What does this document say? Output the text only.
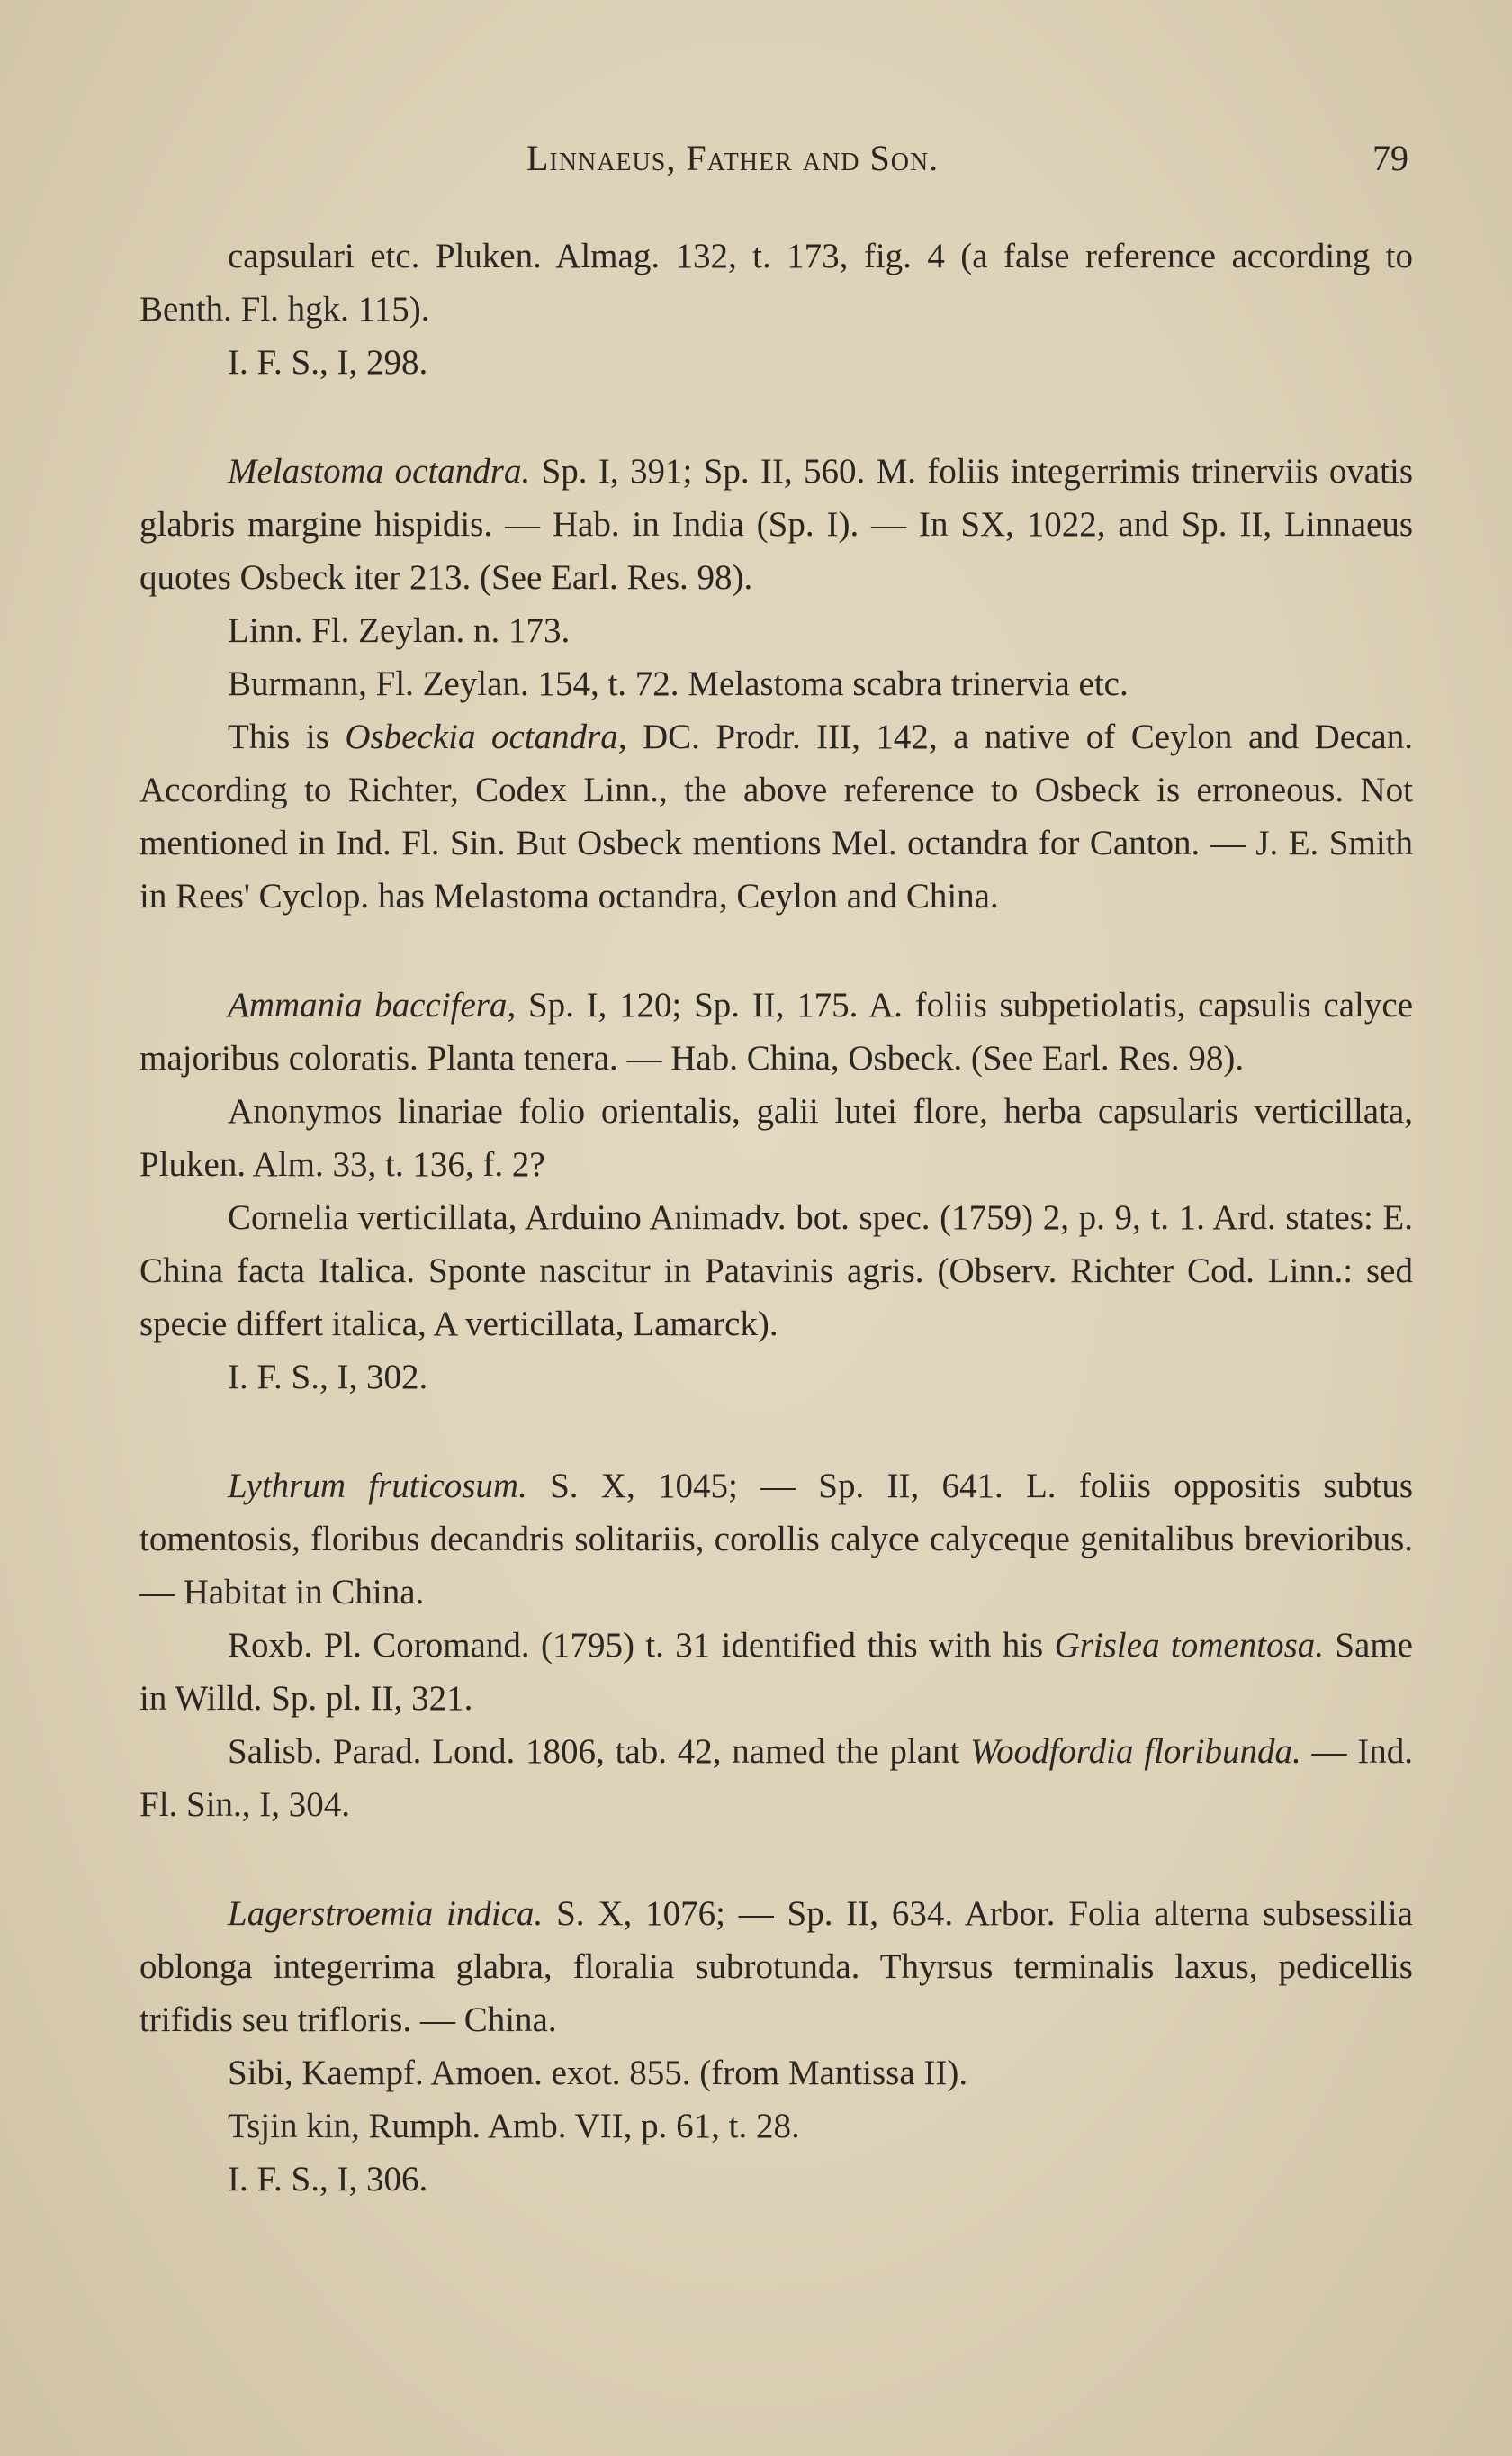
Linnaeus, Father and Son.	79

capsulari etc. Pluken. Almag. 132, t. 173, fig. 4 (a false reference according to Benth. Fl. hgk. 115).

I. F. S., I, 298.

Melastoma octandra. Sp. I, 391; Sp. II, 560. M. foliis integerrimis trinerviis ovatis glabris margine hispidis. — Hab. in India (Sp. I). — In SX, 1022, and Sp. II, Linnaeus quotes Osbeck iter 213. (See Earl. Res. 98).

Linn. Fl. Zeylan. n. 173.

Burmann, Fl. Zeylan. 154, t. 72. Melastoma scabra trinervia etc.

This is Osbeckia octandra, DC. Prodr. III, 142, a native of Ceylon and Decan. According to Richter, Codex Linn., the above reference to Osbeck is erroneous. Not mentioned in Ind. Fl. Sin. But Osbeck mentions Mel. octandra for Canton. — J. E. Smith in Rees' Cyclop. has Melastoma octandra, Ceylon and China.

Ammania baccifera, Sp. I, 120; Sp. II, 175. A. foliis subpetiolatis, capsulis calyce majoribus coloratis. Planta tenera. — Hab. China, Osbeck. (See Earl. Res. 98).

Anonymos linariae folio orientalis, galii lutei flore, herba capsularis verticillata, Pluken. Alm. 33, t. 136, f. 2?

Cornelia verticillata, Arduino Animadv. bot. spec. (1759) 2, p. 9, t. 1. Ard. states: E. China facta Italica. Sponte nascitur in Patavinis agris. (Observ. Richter Cod. Linn.: sed specie differt italica, A verticillata, Lamarck).

I. F. S., I, 302.

Lythrum fruticosum. S. X, 1045; — Sp. II, 641. L. foliis oppositis subtus tomentosis, floribus decandris solitariis, corollis calyce calyceque genitalibus brevioribus. — Habitat in China.

Roxb. Pl. Coromand. (1795) t. 31 identified this with his Grislea tomentosa. Same in Willd. Sp. pl. II, 321.

Salisb. Parad. Lond. 1806, tab. 42, named the plant Woodfordia floribunda. — Ind. Fl. Sin., I, 304.

Lagerstroemia indica. S. X, 1076; — Sp. II, 634. Arbor. Folia alterna subsessilia oblonga integerrima glabra, floralia subrotunda. Thyrsus terminalis laxus, pedicellis trifidis seu trifloris. — China.

Sibi, Kaempf. Amoen. exot. 855. (from Mantissa II).

Tsjin kin, Rumph. Amb. VII, p. 61, t. 28.

I. F. S., I, 306.
